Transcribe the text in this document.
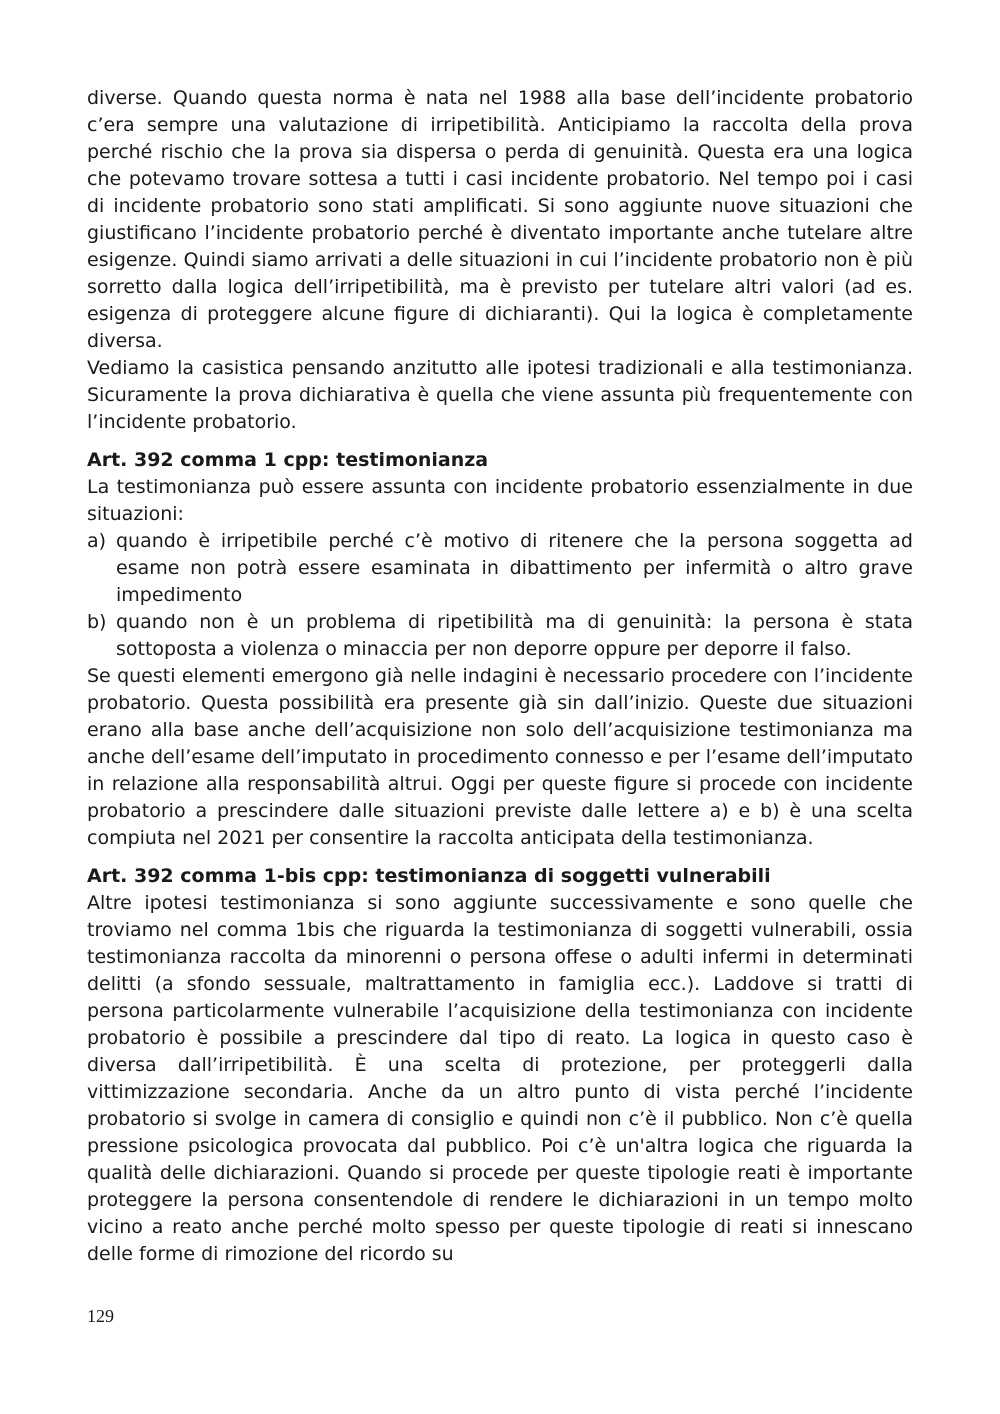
diverse. Quando questa norma è nata nel 1988 alla base dell’incidente probatorio c’era sempre una valutazione di irripetibilità. Anticipiamo la raccolta della prova perché rischio che la prova sia dispersa o perda di genuinità. Questa era una logica che potevamo trovare sottesa a tutti i casi incidente probatorio. Nel tempo poi i casi di incidente probatorio sono stati amplificati. Si sono aggiunte nuove situazioni che giustificano l’incidente probatorio perché è diventato importante anche tutelare altre esigenze. Quindi siamo arrivati a delle situazioni in cui l’incidente probatorio non è più sorretto dalla logica dell’irripetibilità, ma è previsto per tutelare altri valori (ad es. esigenza di proteggere alcune figure di dichiaranti). Qui la logica è completamente diversa.

Vediamo la casistica pensando anzitutto alle ipotesi tradizionali e alla testimonianza. Sicuramente la prova dichiarativa è quella che viene assunta più frequentemente con l’incidente probatorio.

Art. 392 comma 1 cpp: testimonianza

La testimonianza può essere assunta con incidente probatorio essenzialmente in due situazioni:

a) quando è irripetibile perché c’è motivo di ritenere che la persona soggetta ad esame non potrà essere esaminata in dibattimento per infermità o altro grave impedimento
b) quando non è un problema di ripetibilità ma di genuinità: la persona è stata sottoposta a violenza o minaccia per non deporre oppure per deporre il falso.

Se questi elementi emergono già nelle indagini è necessario procedere con l’incidente probatorio. Questa possibilità era presente già sin dall’inizio. Queste due situazioni erano alla base anche dell’acquisizione non solo dell’acquisizione testimonianza ma anche dell’esame dell’imputato in procedimento connesso e per l’esame dell’imputato in relazione alla responsabilità altrui. Oggi per queste figure si procede con incidente probatorio a prescindere dalle situazioni previste dalle lettere a) e b) è una scelta compiuta nel 2021 per consentire la raccolta anticipata della testimonianza.

Art. 392 comma 1-bis cpp: testimonianza di soggetti vulnerabili

Altre ipotesi testimonianza si sono aggiunte successivamente e sono quelle che troviamo nel comma 1bis che riguarda la testimonianza di soggetti vulnerabili, ossia testimonianza raccolta da minorenni o persona offese o adulti infermi in determinati delitti (a sfondo sessuale, maltrattamento in famiglia ecc.). Laddove si tratti di persona particolarmente vulnerabile l’acquisizione della testimonianza con incidente probatorio è possibile a prescindere dal tipo di reato. La logica in questo caso è diversa dall’irripetibilità. È una scelta di protezione, per proteggerli dalla vittimizzazione secondaria. Anche da un altro punto di vista perché l’incidente probatorio si svolge in camera di consiglio e quindi non c’è il pubblico. Non c’è quella pressione psicologica provocata dal pubblico. Poi c’è un'altra logica che riguarda la qualità delle dichiarazioni. Quando si procede per queste tipologie reati è importante proteggere la persona consentendole di rendere le dichiarazioni in un tempo molto vicino a reato anche perché molto spesso per queste tipologie di reati si innescano delle forme di rimozione del ricordo su

129
